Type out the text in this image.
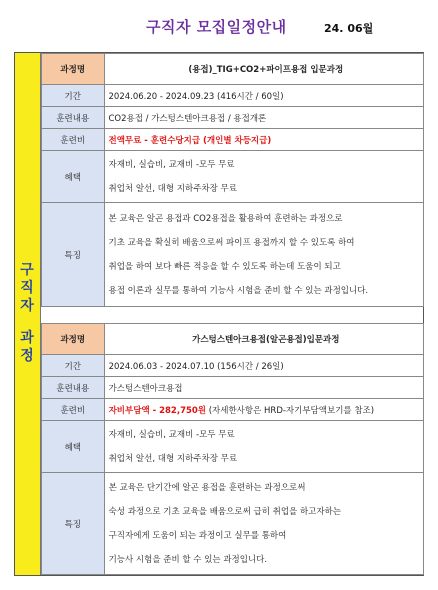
구직자 모집일정안내	24. 06월
구
직
자
과
정
과정명	(용접)_TIG+CO2+파이프용접 입문과정
기간	2024.06.20 - 2024.09.23 (416시간 / 60일)
훈련내용	CO2용접 / 가스텅스텐아크용접 / 용접개론
훈련비	전액무료 - 훈련수당지급 (개인별 차등지급)
혜택	자재비, 실습비, 교재비 -모두 무료
취업처 알선, 대형 지하주차장 무료

특징	본 교육은 알곤 용접과 CO2용접을 활용하여 훈련하는 과정으로
기초 교육을 확실히 배움으로써 파이프 용접까지 할 수 있도록 하여
취업을 하여 보다 빠른 적응을 할 수 있도록 하는데 도움이 되고
용접 이론과 실무를 통하여 기능사 시험을 준비 할 수 있는 과정입니다.
과정명	가스텅스텐아크용접(알곤용접)입문과정
기간	2024.06.03 - 2024.07.10 (156시간 / 26일)
훈련내용	가스텅스텐아크용접
훈련비	자비부담액 - 282,750원 (자세한사항은 HRD-자기부담액보기를 참조)
혜택	자재비, 실습비, 교재비 -모두 무료
취업처 알선, 대형 지하주차장 무료

특징	본 교육은 단기간에 알곤 용접을 훈련하는 과정으로써
숙성 과정으로 기초 교육을 배움으로써 급히 취업을 하고자하는
구직자에게 도움이 되는 과정이고 실무를 통하여
기능사 시험을 준비 할 수 있는 과정입니다.
